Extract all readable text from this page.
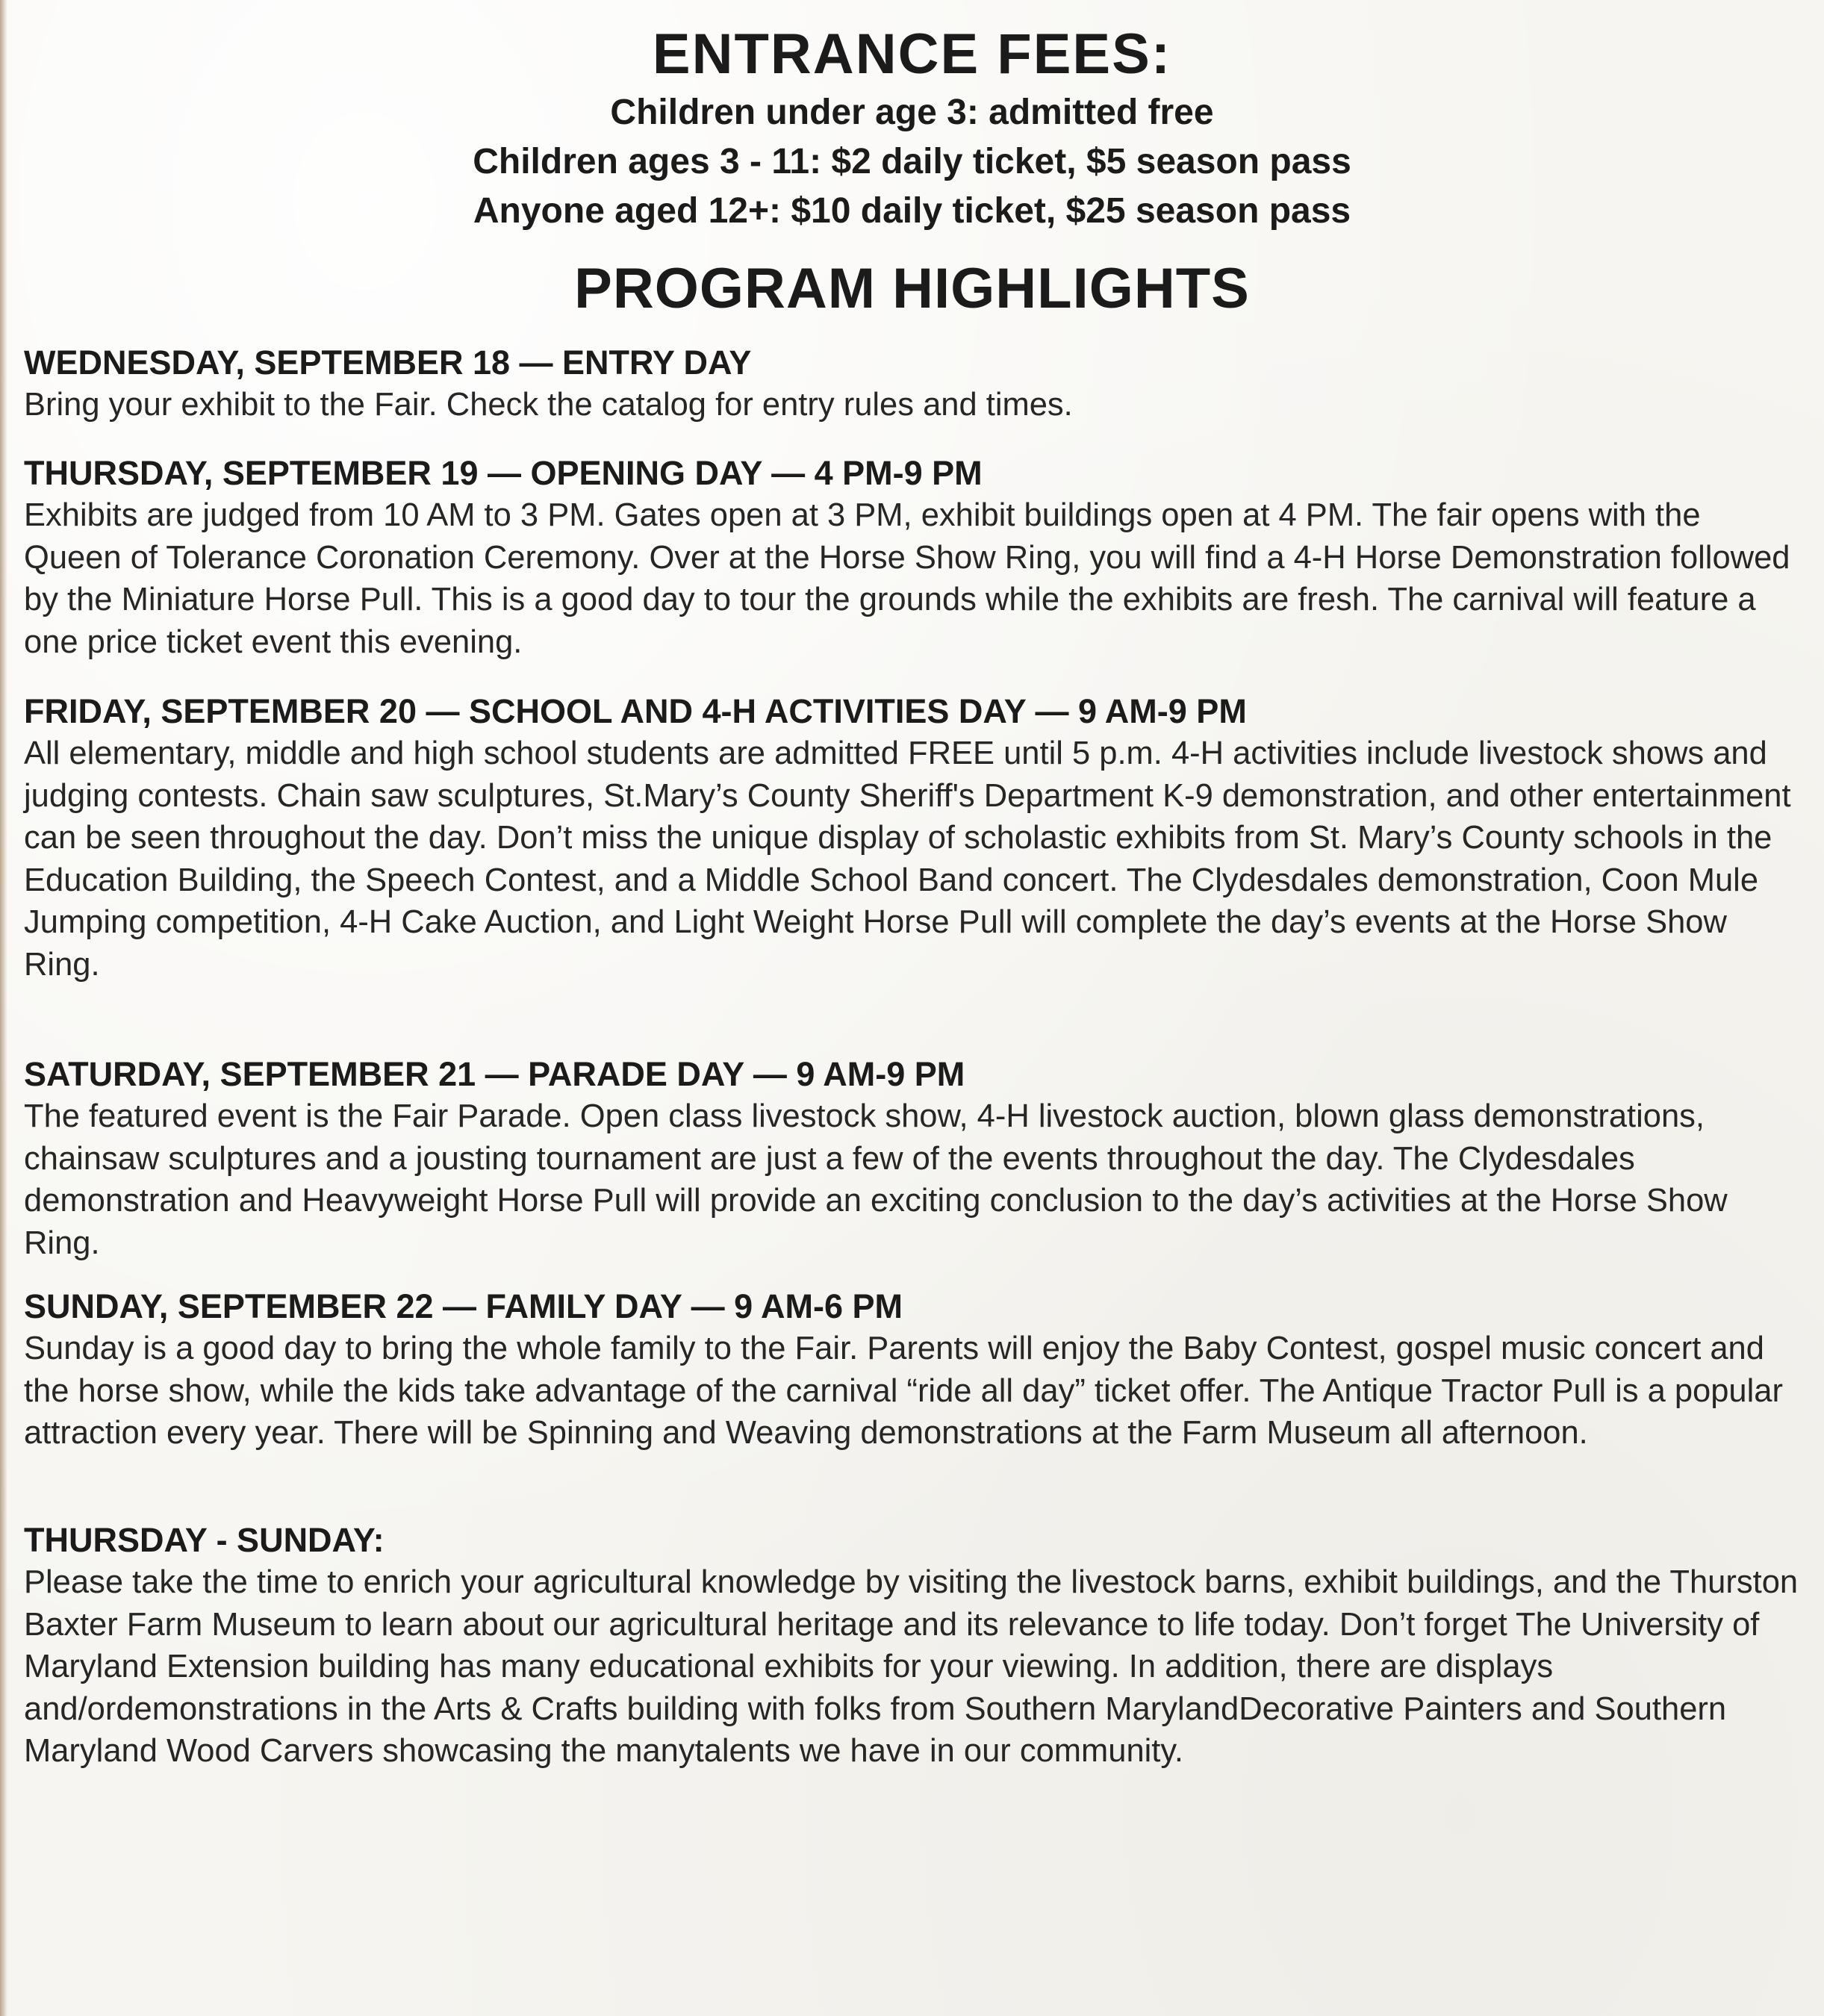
ENTRANCE FEES:
Children under age 3: admitted free
Children ages 3 - 11: $2 daily ticket, $5 season pass
Anyone aged 12+: $10 daily ticket, $25 season pass
PROGRAM HIGHLIGHTS

WEDNESDAY, SEPTEMBER 18 — ENTRY DAY

Bring your exhibit to the Fair. Check the catalog for entry rules and times.

THURSDAY, SEPTEMBER 19 — OPENING DAY — 4 PM-9 PM

Exhibits are judged from 10 AM to 3 PM. Gates open at 3 PM, exhibit buildings open at 4 PM. The fair opens with the Queen of Tolerance Coronation Ceremony. Over at the Horse Show Ring, you will find a 4-H Horse Demonstration followed by the Miniature Horse Pull. This is a good day to tour the grounds while the exhibits are fresh. The carnival will feature a one price ticket event this evening.

FRIDAY, SEPTEMBER 20 — SCHOOL AND 4-H ACTIVITIES DAY — 9 AM-9 PM

All elementary, middle and high school students are admitted FREE until 5 p.m. 4-H activities include livestock shows and judging contests. Chain saw sculptures, St.Mary’s County Sheriff's Department K-9 demonstration, and other entertainment can be seen throughout the day. Don’t miss the unique display of scholastic exhibits from St. Mary’s County schools in the Education Building, the Speech Contest, and a Middle School Band concert. The Clydesdales demonstration, Coon Mule Jumping competition, 4-H Cake Auction, and Light Weight Horse Pull will complete the day’s events at the Horse Show Ring.

SATURDAY, SEPTEMBER 21 — PARADE DAY — 9 AM-9 PM

The featured event is the Fair Parade. Open class livestock show, 4-H livestock auction, blown glass demonstrations, chainsaw sculptures and a jousting tournament are just a few of the events throughout the day. The Clydesdales demonstration and Heavyweight Horse Pull will provide an exciting conclusion to the day’s activities at the Horse Show Ring.

SUNDAY, SEPTEMBER 22 — FAMILY DAY — 9 AM-6 PM

Sunday is a good day to bring the whole family to the Fair. Parents will enjoy the Baby Contest, gospel music concert and the horse show, while the kids take advantage of the carnival “ride all day” ticket offer. The Antique Tractor Pull is a popular attraction every year. There will be Spinning and Weaving demonstrations at the Farm Museum all afternoon.

THURSDAY - SUNDAY:

Please take the time to enrich your agricultural knowledge by visiting the livestock barns, exhibit buildings, and the Thurston Baxter Farm Museum to learn about our agricultural heritage and its relevance to life today. Don’t forget The University of Maryland Extension building has many educational exhibits for your viewing. In addition, there are displays and/ordemonstrations in the Arts & Crafts building with folks from Southern MarylandDecorative Painters and Southern Maryland Wood Carvers showcasing the manytalents we have in our community.
